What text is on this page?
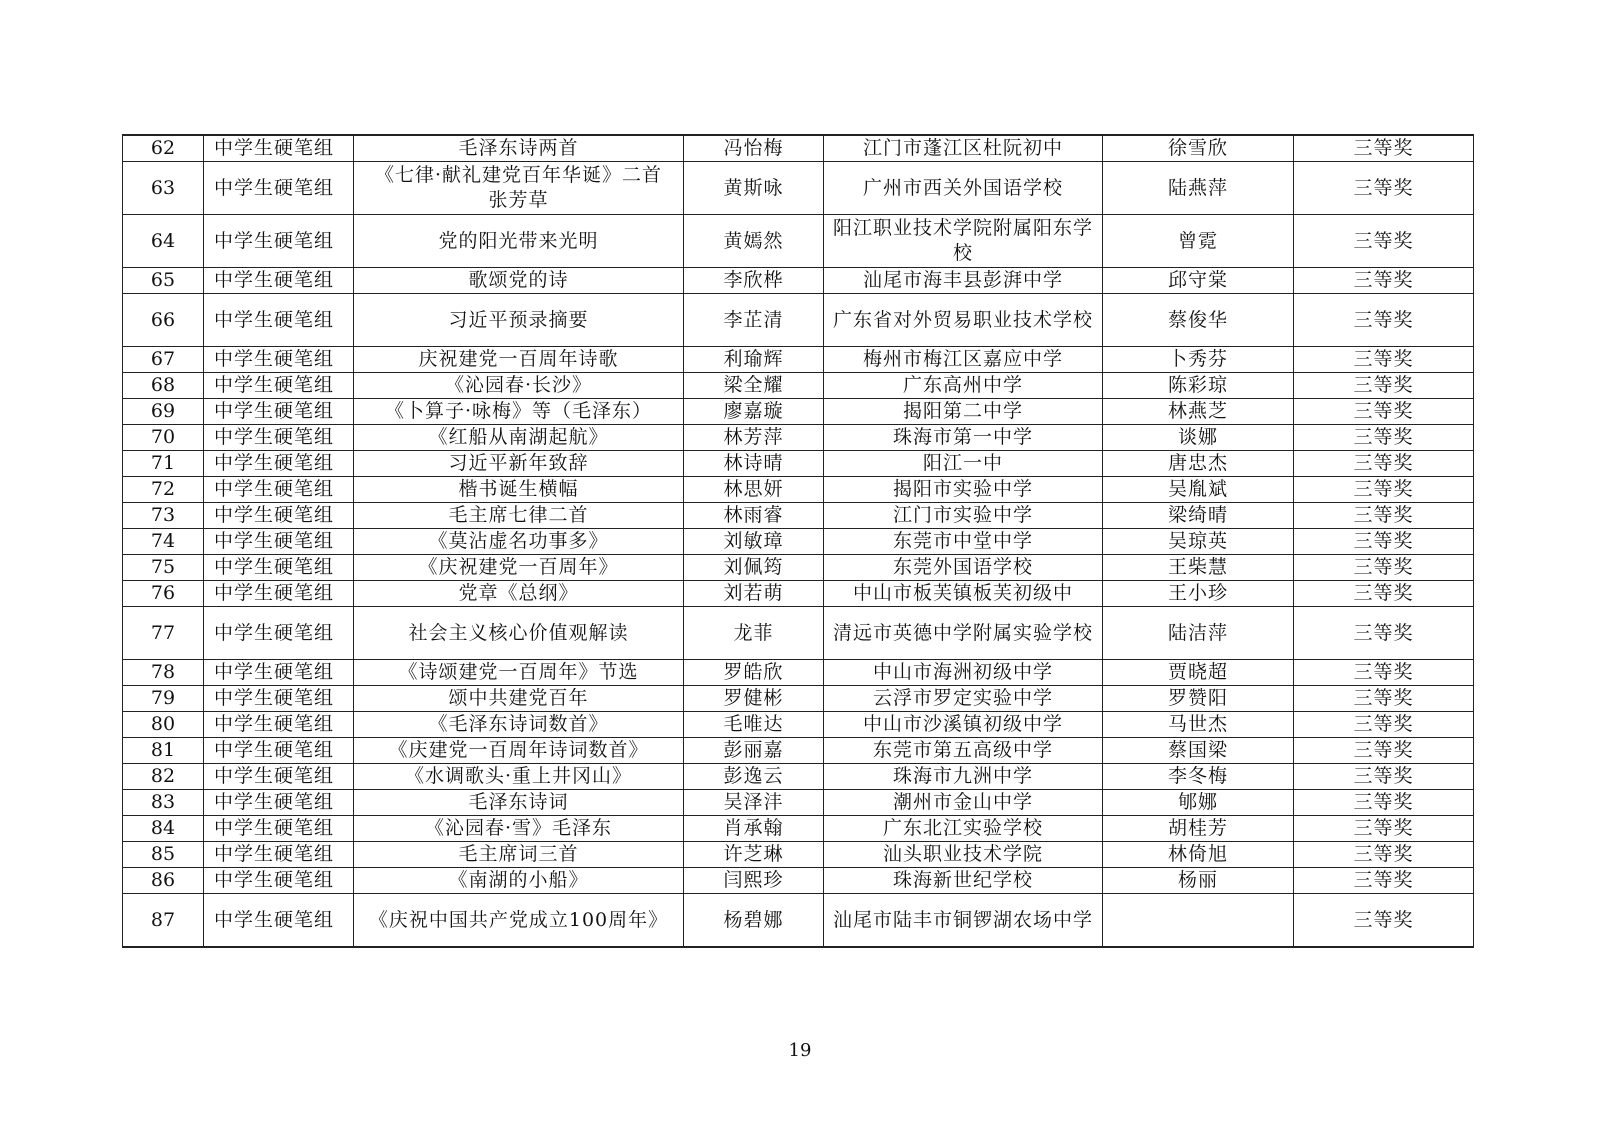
62	中学生硬笔组	毛泽东诗两首	冯怡梅	江门市蓬江区杜阮初中	徐雪欣	三等奖
63	中学生硬笔组	《七律·献礼建党百年华诞》二首　张芳草	黄斯咏	广州市西关外国语学校	陆燕萍	三等奖
64	中学生硬笔组	党的阳光带来光明	黄嫣然	阳江职业技术学院附属阳东学校	曾霓	三等奖
65	中学生硬笔组	歌颂党的诗	李欣桦	汕尾市海丰县彭湃中学	邱守棠	三等奖
66	中学生硬笔组	习近平预录摘要	李芷清	广东省对外贸易职业技术学校	蔡俊华	三等奖
67	中学生硬笔组	庆祝建党一百周年诗歌	利瑜辉	梅州市梅江区嘉应中学	卜秀芬	三等奖
68	中学生硬笔组	《沁园春·长沙》	梁全耀	广东高州中学	陈彩琼	三等奖
69	中学生硬笔组	《卜算子·咏梅》等（毛泽东）	廖嘉璇	揭阳第二中学	林燕芝	三等奖
70	中学生硬笔组	《红船从南湖起航》	林芳萍	珠海市第一中学	谈娜	三等奖
71	中学生硬笔组	习近平新年致辞	林诗晴	阳江一中	唐忠杰	三等奖
72	中学生硬笔组	楷书诞生横幅	林思妍	揭阳市实验中学	吴胤斌	三等奖
73	中学生硬笔组	毛主席七律二首	林雨睿	江门市实验中学	梁绮晴	三等奖
74	中学生硬笔组	《莫沾虚名功事多》	刘敏璋	东莞市中堂中学	吴琼英	三等奖
75	中学生硬笔组	《庆祝建党一百周年》	刘佩筠	东莞外国语学校	王柴慧	三等奖
76	中学生硬笔组	党章《总纲》	刘若萌	中山市板芙镇板芙初级中	王小珍	三等奖
77	中学生硬笔组	社会主义核心价值观解读	龙菲	清远市英德中学附属实验学校	陆洁萍	三等奖
78	中学生硬笔组	《诗颂建党一百周年》节选	罗皓欣	中山市海洲初级中学	贾晓超	三等奖
79	中学生硬笔组	颂中共建党百年	罗健彬	云浮市罗定实验中学	罗赞阳	三等奖
80	中学生硬笔组	《毛泽东诗词数首》	毛唯达	中山市沙溪镇初级中学	马世杰	三等奖
81	中学生硬笔组	《庆建党一百周年诗词数首》	彭丽嘉	东莞市第五高级中学	蔡国梁	三等奖
82	中学生硬笔组	《水调歌头·重上井冈山》	彭逸云	珠海市九洲中学	李冬梅	三等奖
83	中学生硬笔组	毛泽东诗词	吴泽沣	潮州市金山中学	郇娜	三等奖
84	中学生硬笔组	《沁园春·雪》毛泽东	肖承翰	广东北江实验学校	胡桂芳	三等奖
85	中学生硬笔组	毛主席词三首	许芝琳	汕头职业技术学院	林倚旭	三等奖
86	中学生硬笔组	《南湖的小船》	闫熙珍	珠海新世纪学校	杨丽	三等奖
87	中学生硬笔组	《庆祝中国共产党成立100周年》	杨碧娜	汕尾市陆丰市铜锣湖农场中学		三等奖
19
